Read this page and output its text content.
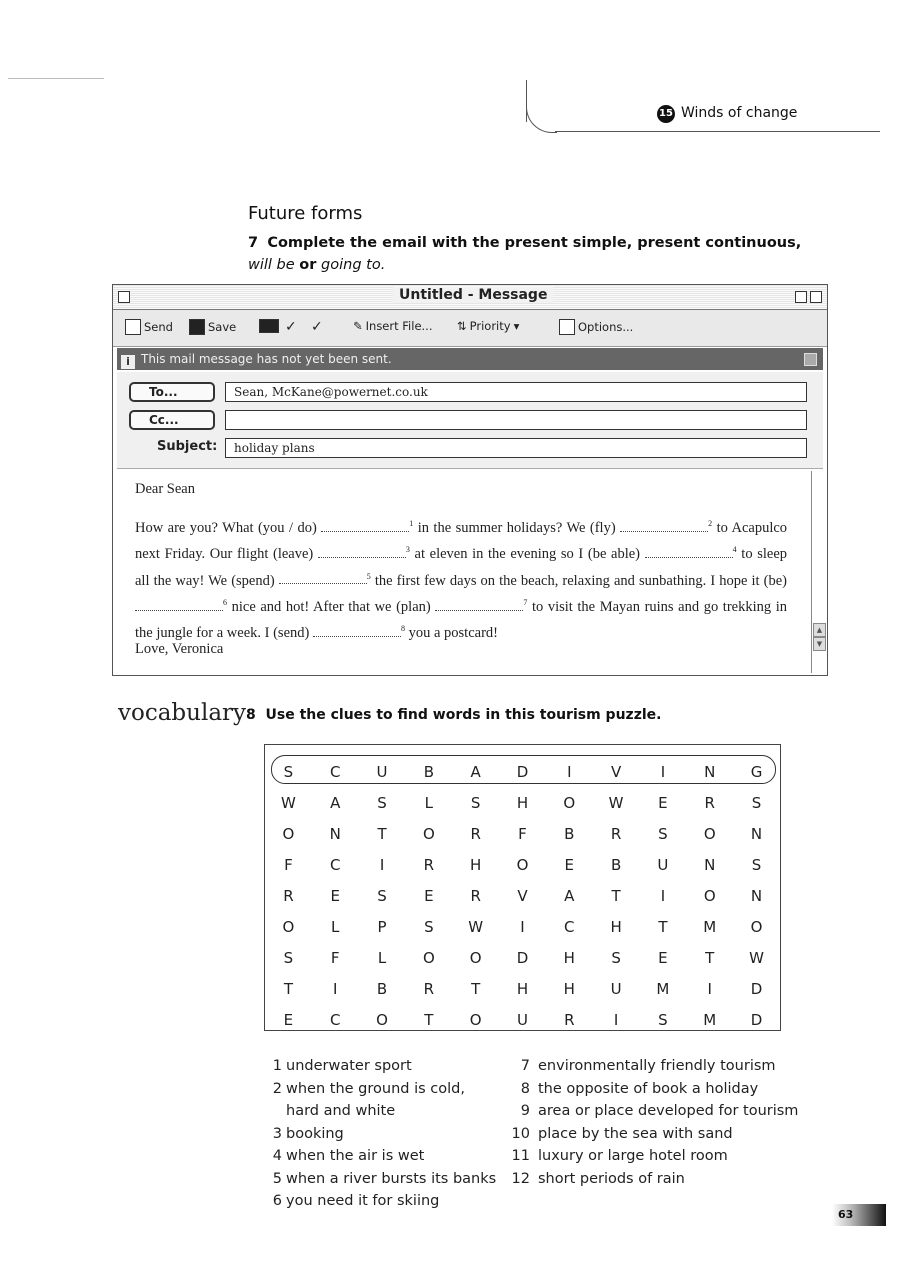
15 Winds of change
Future forms
7 Complete the email with the present simple, present continuous, will be or going to.
Untitled - Message
Send	Save	✓ ✓	✎ Insert File... ⇅ Priority ▾	Options...
i This mail message has not yet been sent.
To...	Sean, McKane@powernet.co.uk
Cc...
Subject:	holiday plans
Dear Sean
How are you? What (you / do)	$^1$ in the summer holidays? We (fly)	$^2$ to Acapulco next Friday. Our flight (leave)	$^3$ at eleven in the evening so I (be able)	$^4$ to sleep all the way! We (spend)	$^5$ the first few days on the beach, relaxing and sunbathing. I hope it (be) $^6$ nice and hot! After that we (plan)	$^7$ to visit the Mayan ruins and go trekking in the jungle for a week. I (send)	$^8$ you a postcard!
Love, Veronica
▲
▼
vocabulary 8 Use the clues to find words in this tourism puzzle.
S	C	U	B	A	D	I	V	I	N	G
W	A	S	L	S	H	O	W	E	R	S
O	N	T	O	R	F	B	R	S	O	N
F	C	I	R	H	O	E	B	U	N	S
R	E	S	E	R	V	A	T	I	O	N
O	L	P	S	W	I	C	H	T	M	O
S	F	L	O	O	D	H	S	E	T	W
T	I	B	R	T	H	H	U	M	I	D
E	C	O	T	O	U	R	I	S	M	D
1 underwater sport
2 when the ground is cold,
hard and white
3 booking
4 when the air is wet
5 when a river bursts its banks
6 you need it for skiing
7 environmentally friendly tourism
8 the opposite of book a holiday
9 area or place developed for tourism
10 place by the sea with sand
11 luxury or large hotel room
12 short periods of rain
63
